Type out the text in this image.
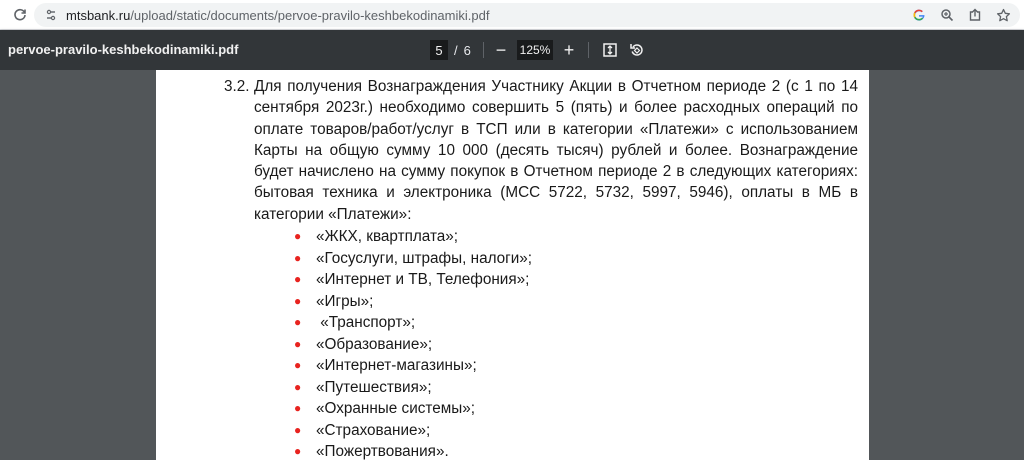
mtsbank.ru/upload/static/documents/pervoe-pravilo-keshbekodinamiki.pdf
pervoe-pravilo-keshbekodinamiki.pdf
5	/ 6 − 125% +
3.2. Для получения Вознаграждения Участнику Акции в Отчетном периоде 2 (с 1 по 14 сентября 2023г.) необходимо совершить 5 (пять) и более расходных операций по оплате товаров/работ/услуг в ТСП или в категории «Платежи» с использованием Карты на общую сумму 10 000 (десять тысяч) рублей и более. Вознаграждение будет начислено на сумму покупок в Отчетном периоде 2 в следующих категориях: бытовая техника и электроника (МСС 5722, 5732, 5997, 5946), оплаты в МБ в категории «Платежи»:
● «ЖКХ, квартплата»;
● «Госуслуги, штрафы, налоги»;
● «Интернет и ТВ, Телефония»;
● «Игры»;
● «Транспорт»;
● «Образование»;
● «Интернет-магазины»;
● «Путешествия»;
● «Охранные системы»;
● «Страхование»;
● «Пожертвования».
